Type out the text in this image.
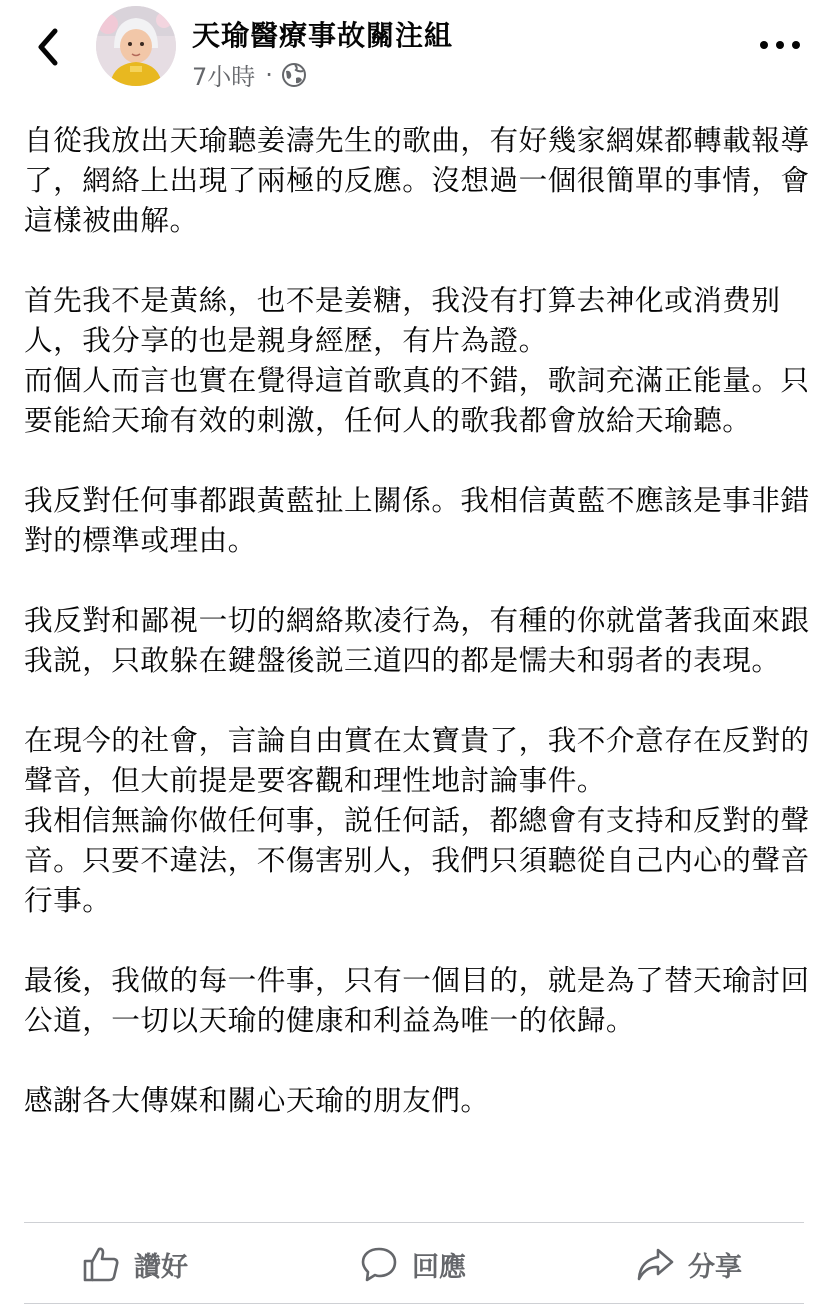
天瑜醫療事故關注組
7小時 ·

自從我放出天瑜聽姜濤先生的歌曲，有好幾家網媒都轉載報導了，網絡上出現了兩極的反應。沒想過一個很簡單的事情，會這樣被曲解。

首先我不是黃絲，也不是姜糖，我没有打算去神化或消费别人，我分享的也是親身經歷，有片為證。
而個人而言也實在覺得這首歌真的不錯，歌詞充滿正能量。只要能給天瑜有效的刺激，任何人的歌我都會放給天瑜聽。

我反對任何事都跟黃藍扯上關係。我相信黃藍不應該是事非錯對的標準或理由。

我反對和鄙視一切的網絡欺凌行為，有種的你就當著我面來跟我説，只敢躲在鍵盤後説三道四的都是懦夫和弱者的表現。

在現今的社會，言論自由實在太寶貴了，我不介意存在反對的聲音，但大前提是要客觀和理性地討論事件。
我相信無論你做任何事，説任何話，都總會有支持和反對的聲音。只要不違法，不傷害别人，我們只須聽從自己内心的聲音行事。

最後，我做的每一件事，只有一個目的，就是為了替天瑜討回公道，一切以天瑜的健康和利益為唯一的依歸。

感謝各大傳媒和關心天瑜的朋友們。

讚好	回應	分享
